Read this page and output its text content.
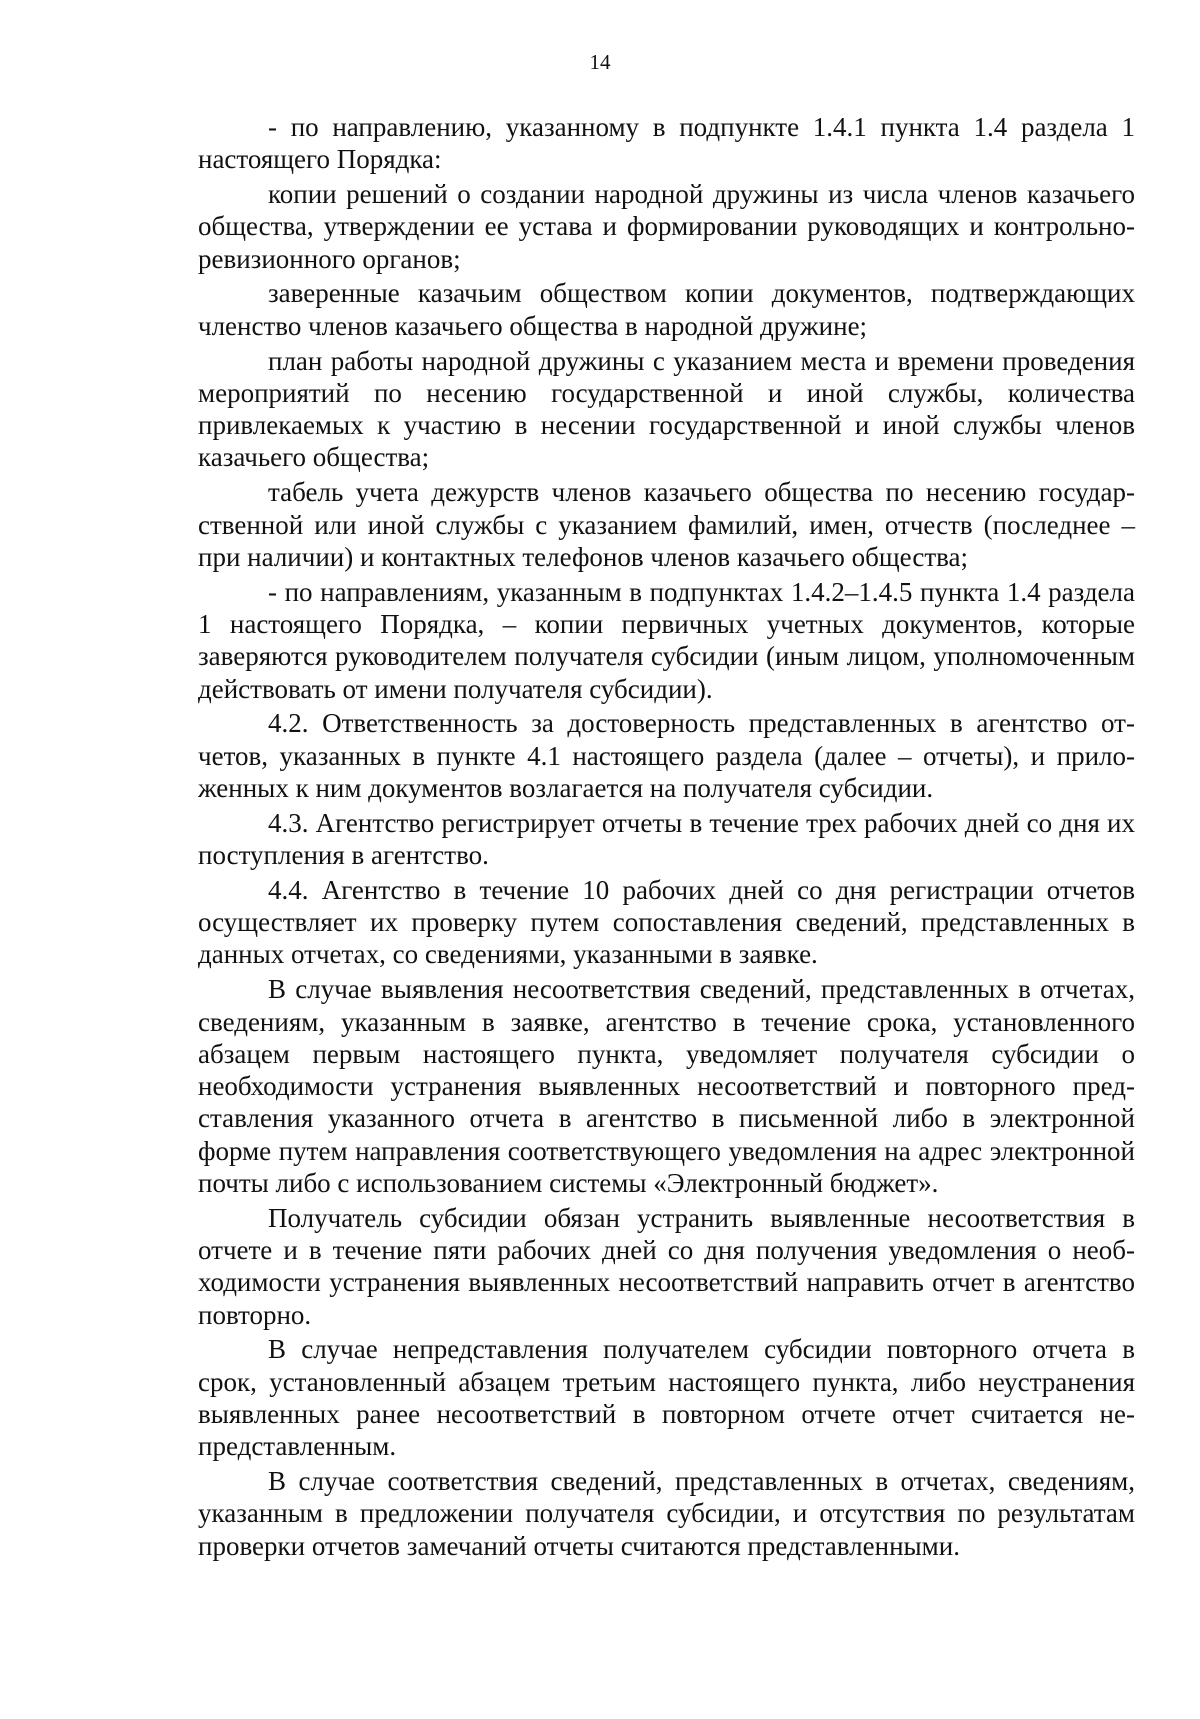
14

- по направлению, указанному в подпункте 1.4.1 пункта 1.4 раздела 1 настоящего Порядка:

копии решений о создании народной дружины из числа членов казачьего общества, утверждении ее устава и формировании руководящих и контрольно-ревизионного органов;

заверенные казачьим обществом копии документов, подтверждающих членство членов казачьего общества в народной дружине;

план работы народной дружины с указанием места и времени проведения мероприятий по несению государственной и иной службы, количества привлекаемых к участию в несении государственной и иной службы членов казачьего общества;

табель учета дежурств членов казачьего общества по несению государственной или иной службы с указанием фамилий, имен, отчеств (последнее – при наличии) и контактных телефонов членов казачьего общества;

- по направлениям, указанным в подпунктах 1.4.2–1.4.5 пункта 1.4 раздела 1 настоящего Порядка, – копии первичных учетных документов, которые заверяются руководителем получателя субсидии (иным лицом, уполномоченным действовать от имени получателя субсидии).

4.2. Ответственность за достоверность представленных в агентство отчетов, указанных в пункте 4.1 настоящего раздела (далее – отчеты), и приложенных к ним документов возлагается на получателя субсидии.

4.3. Агентство регистрирует отчеты в течение трех рабочих дней со дня их поступления в агентство.

4.4. Агентство в течение 10 рабочих дней со дня регистрации отчетов осуществляет их проверку путем сопоставления сведений, представленных в данных отчетах, со сведениями, указанными в заявке.

В случае выявления несоответствия сведений, представленных в отчетах, сведениям, указанным в заявке, агентство в течение срока, установленного абзацем первым настоящего пункта, уведомляет получателя субсидии о необходимости устранения выявленных несоответствий и повторного представления указанного отчета в агентство в письменной либо в электронной форме путем направления соответствующего уведомления на адрес электронной почты либо с использованием системы «Электронный бюджет».

Получатель субсидии обязан устранить выявленные несоответствия в отчете и в течение пяти рабочих дней со дня получения уведомления о необходимости устранения выявленных несоответствий направить отчет в агентство повторно.

В случае непредставления получателем субсидии повторного отчета в срок, установленный абзацем третьим настоящего пункта, либо неустранения выявленных ранее несоответствий в повторном отчете отчет считается непредставленным.

В случае соответствия сведений, представленных в отчетах, сведениям, указанным в предложении получателя субсидии, и отсутствия по результатам проверки отчетов замечаний отчеты считаются представленными.
